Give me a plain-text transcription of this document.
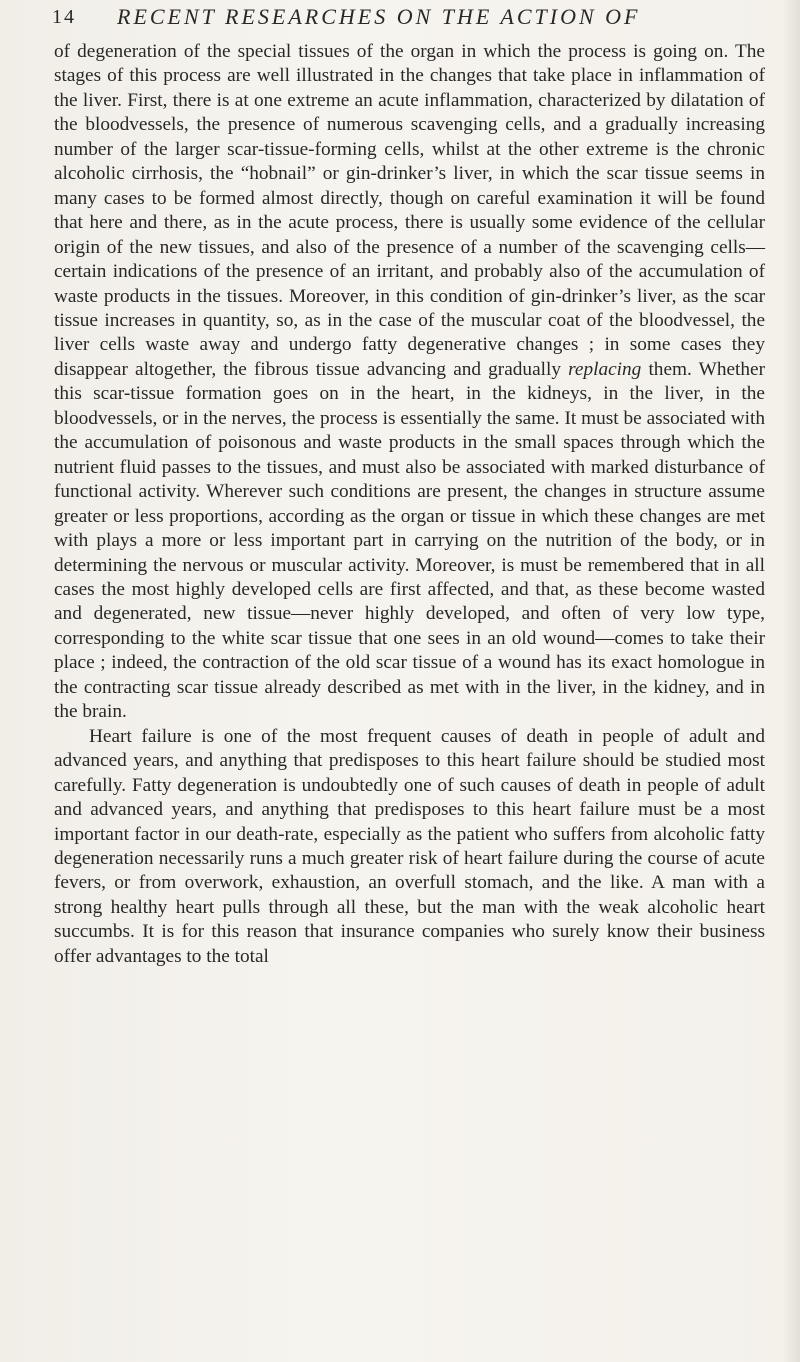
14 RECENT RESEARCHES ON THE ACTION OF

of degeneration of the special tissues of the organ in which the process is going on. The stages of this process are well illustrated in the changes that take place in inflammation of the liver. First, there is at one extreme an acute inflammation, characterized by dilatation of the bloodvessels, the presence of numerous scavenging cells, and a gradually increasing number of the larger scar-tissue-forming cells, whilst at the other extreme is the chronic alcoholic cirrhosis, the “hobnail” or gin-drinker’s liver, in which the scar tissue seems in many cases to be formed almost directly, though on careful examination it will be found that here and there, as in the acute process, there is usually some evidence of the cellular origin of the new tissues, and also of the presence of a number of the scavenging cells—certain indications of the presence of an irritant, and probably also of the accumulation of waste products in the tissues. Moreover, in this condition of gin-drinker’s liver, as the scar tissue increases in quantity, so, as in the case of the muscular coat of the bloodvessel, the liver cells waste away and undergo fatty degenerative changes ; in some cases they disappear altogether, the fibrous tissue advancing and gradually replacing them. Whether this scar-tissue formation goes on in the heart, in the kidneys, in the liver, in the bloodvessels, or in the nerves, the process is essentially the same. It must be associated with the accumulation of poisonous and waste products in the small spaces through which the nutrient fluid passes to the tissues, and must also be associated with marked disturbance of functional activity. Wherever such conditions are present, the changes in structure assume greater or less proportions, according as the organ or tissue in which these changes are met with plays a more or less important part in carrying on the nutrition of the body, or in determining the nervous or muscular activity. Moreover, is must be remembered that in all cases the most highly developed cells are first affected, and that, as these become wasted and degenerated, new tissue—never highly developed, and often of very low type, corresponding to the white scar tissue that one sees in an old wound—comes to take their place ; indeed, the contraction of the old scar tissue of a wound has its exact homologue in the contracting scar tissue already described as met with in the liver, in the kidney, and in the brain.

Heart failure is one of the most frequent causes of death in people of adult and advanced years, and anything that predisposes to this heart failure should be studied most carefully. Fatty degeneration is undoubtedly one of such causes of death in people of adult and advanced years, and anything that predisposes to this heart failure must be a most important factor in our death-rate, especially as the patient who suffers from alcoholic fatty degeneration necessarily runs a much greater risk of heart failure during the course of acute fevers, or from overwork, exhaustion, an overfull stomach, and the like. A man with a strong healthy heart pulls through all these, but the man with the weak alcoholic heart succumbs. It is for this reason that insurance companies who surely know their business offer advantages to the total
